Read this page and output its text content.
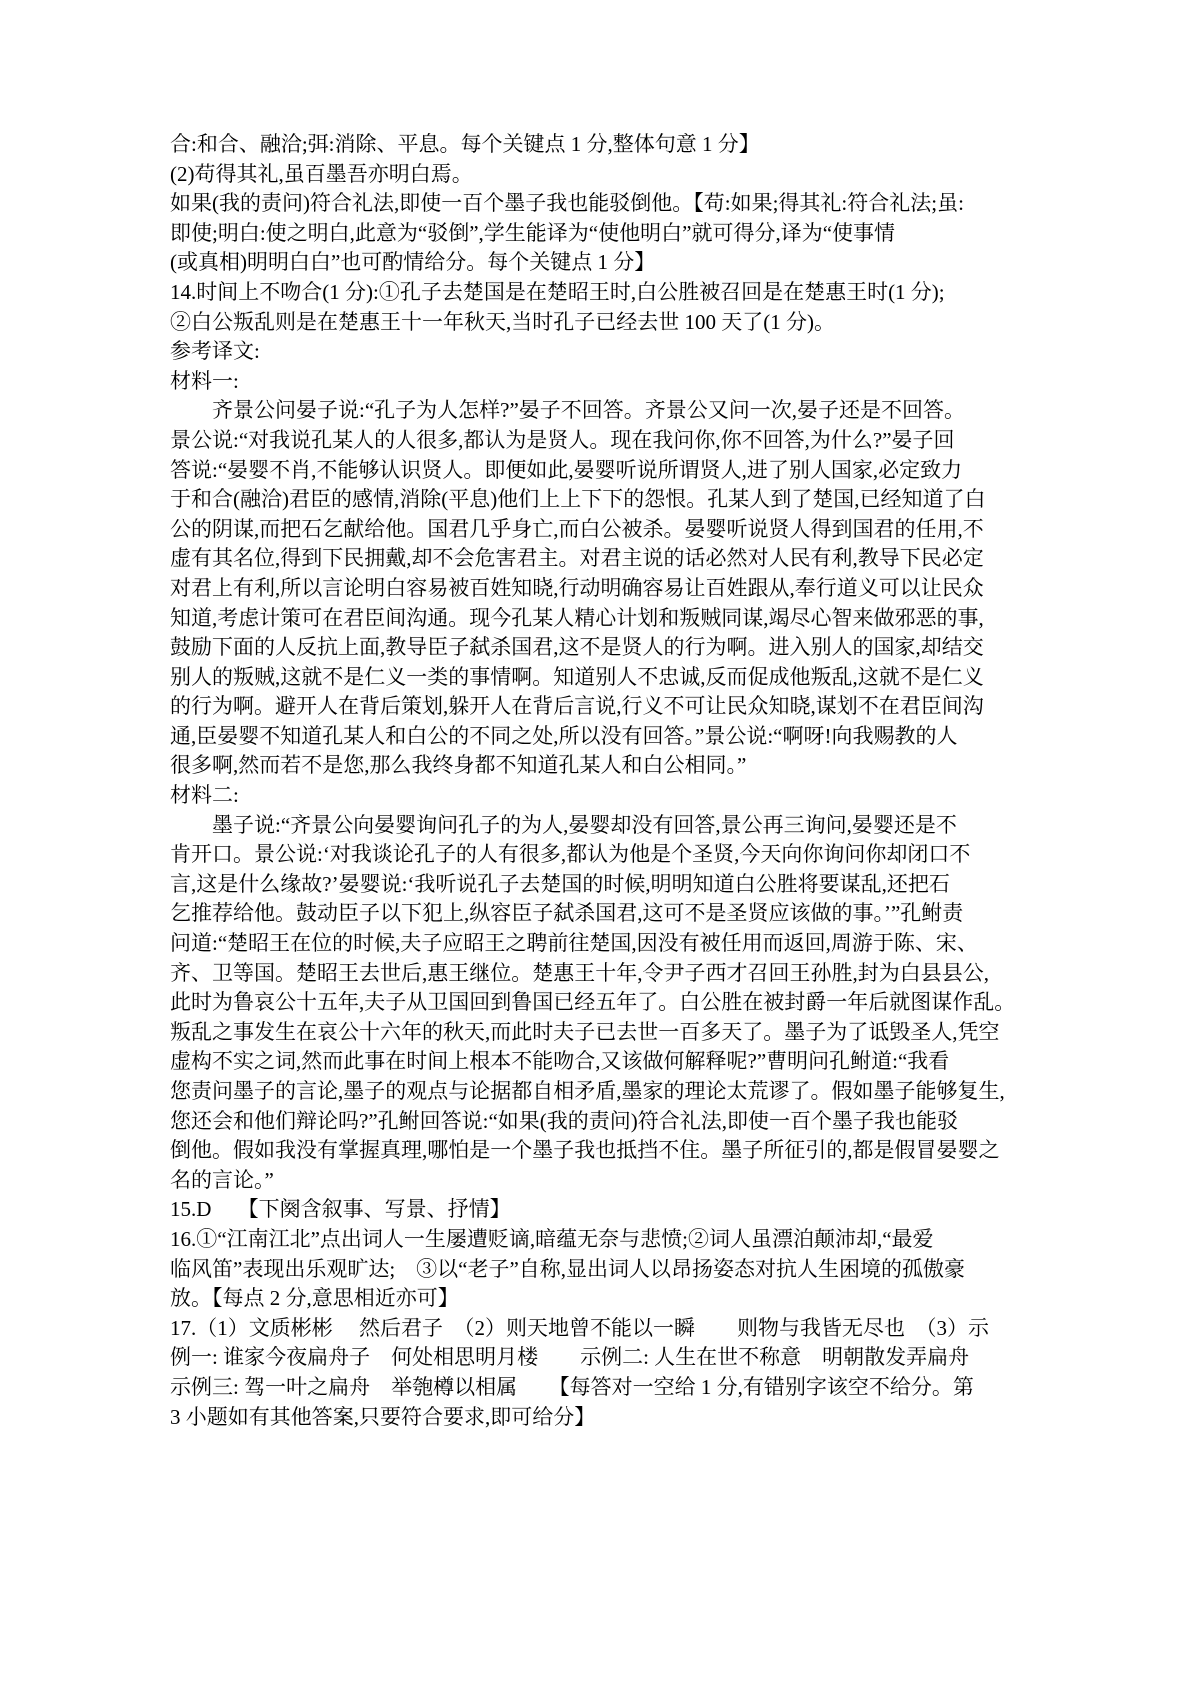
合:和合、融洽;弭:消除、平息。每个关键点 1 分,整体句意 1 分】
(2)苟得其礼,虽百墨吾亦明白焉。
如果(我的责问)符合礼法,即使一百个墨子我也能驳倒他。【苟:如果;得其礼:符合礼法;虽:
即使;明白:使之明白,此意为“驳倒”,学生能译为“使他明白”就可得分,译为“使事情
(或真相)明明白白”也可酌情给分。每个关键点 1 分】
14.时间上不吻合(1 分):①孔子去楚国是在楚昭王时,白公胜被召回是在楚惠王时(1 分);
②白公叛乱则是在楚惠王十一年秋天,当时孔子已经去世 100 天了(1 分)。
参考译文:
材料一:
　　齐景公问晏子说:“孔子为人怎样?”晏子不回答。齐景公又问一次,晏子还是不回答。
景公说:“对我说孔某人的人很多,都认为是贤人。现在我问你,你不回答,为什么?”晏子回
答说:“晏婴不肖,不能够认识贤人。即便如此,晏婴听说所谓贤人,进了别人国家,必定致力
于和合(融洽)君臣的感情,消除(平息)他们上上下下的怨恨。孔某人到了楚国,已经知道了白
公的阴谋,而把石乞献给他。国君几乎身亡,而白公被杀。晏婴听说贤人得到国君的任用,不
虚有其名位,得到下民拥戴,却不会危害君主。对君主说的话必然对人民有利,教导下民必定
对君上有利,所以言论明白容易被百姓知晓,行动明确容易让百姓跟从,奉行道义可以让民众
知道,考虑计策可在君臣间沟通。现今孔某人精心计划和叛贼同谋,竭尽心智来做邪恶的事,
鼓励下面的人反抗上面,教导臣子弑杀国君,这不是贤人的行为啊。进入别人的国家,却结交
别人的叛贼,这就不是仁义一类的事情啊。知道别人不忠诚,反而促成他叛乱,这就不是仁义
的行为啊。避开人在背后策划,躲开人在背后言说,行义不可让民众知晓,谋划不在君臣间沟
通,臣晏婴不知道孔某人和白公的不同之处,所以没有回答。”景公说:“啊呀!向我赐教的人
很多啊,然而若不是您,那么我终身都不知道孔某人和白公相同。”
材料二:
　　墨子说:“齐景公向晏婴询问孔子的为人,晏婴却没有回答,景公再三询问,晏婴还是不
肯开口。景公说:‘对我谈论孔子的人有很多,都认为他是个圣贤,今天向你询问你却闭口不
言,这是什么缘故?’晏婴说:‘我听说孔子去楚国的时候,明明知道白公胜将要谋乱,还把石
乞推荐给他。鼓动臣子以下犯上,纵容臣子弑杀国君,这可不是圣贤应该做的事。’”孔鲋责
问道:“楚昭王在位的时候,夫子应昭王之聘前往楚国,因没有被任用而返回,周游于陈、宋、
齐、卫等国。楚昭王去世后,惠王继位。楚惠王十年,令尹子西才召回王孙胜,封为白县县公,
此时为鲁哀公十五年,夫子从卫国回到鲁国已经五年了。白公胜在被封爵一年后就图谋作乱。
叛乱之事发生在哀公十六年的秋天,而此时夫子已去世一百多天了。墨子为了诋毁圣人,凭空
虚构不实之词,然而此事在时间上根本不能吻合,又该做何解释呢?”曹明问孔鲋道:“我看
您责问墨子的言论,墨子的观点与论据都自相矛盾,墨家的理论太荒谬了。假如墨子能够复生,
您还会和他们辩论吗?”孔鲋回答说:“如果(我的责问)符合礼法,即使一百个墨子我也能驳
倒他。假如我没有掌握真理,哪怕是一个墨子我也抵挡不住。墨子所征引的,都是假冒晏婴之
名的言论。”
15.D　 【下阕含叙事、写景、抒情】
16.①“江南江北”点出词人一生屡遭贬谪,暗蕴无奈与悲愤;②词人虽漂泊颠沛却,“最爱
临风笛”表现出乐观旷达;　③以“老子”自称,显出词人以昂扬姿态对抗人生困境的孤傲豪
放。【每点 2 分,意思相近亦可】
17.（1）文质彬彬　 然后君子　（2）则天地曾不能以一瞬　　则物与我皆无尽也　（3）示
例一: 谁家今夜扁舟子　何处相思明月楼　　示例二: 人生在世不称意　明朝散发弄扁舟
示例三: 驾一叶之扁舟　举匏樽以相属　　【每答对一空给 1 分,有错别字该空不给分。第
3 小题如有其他答案,只要符合要求,即可给分】
